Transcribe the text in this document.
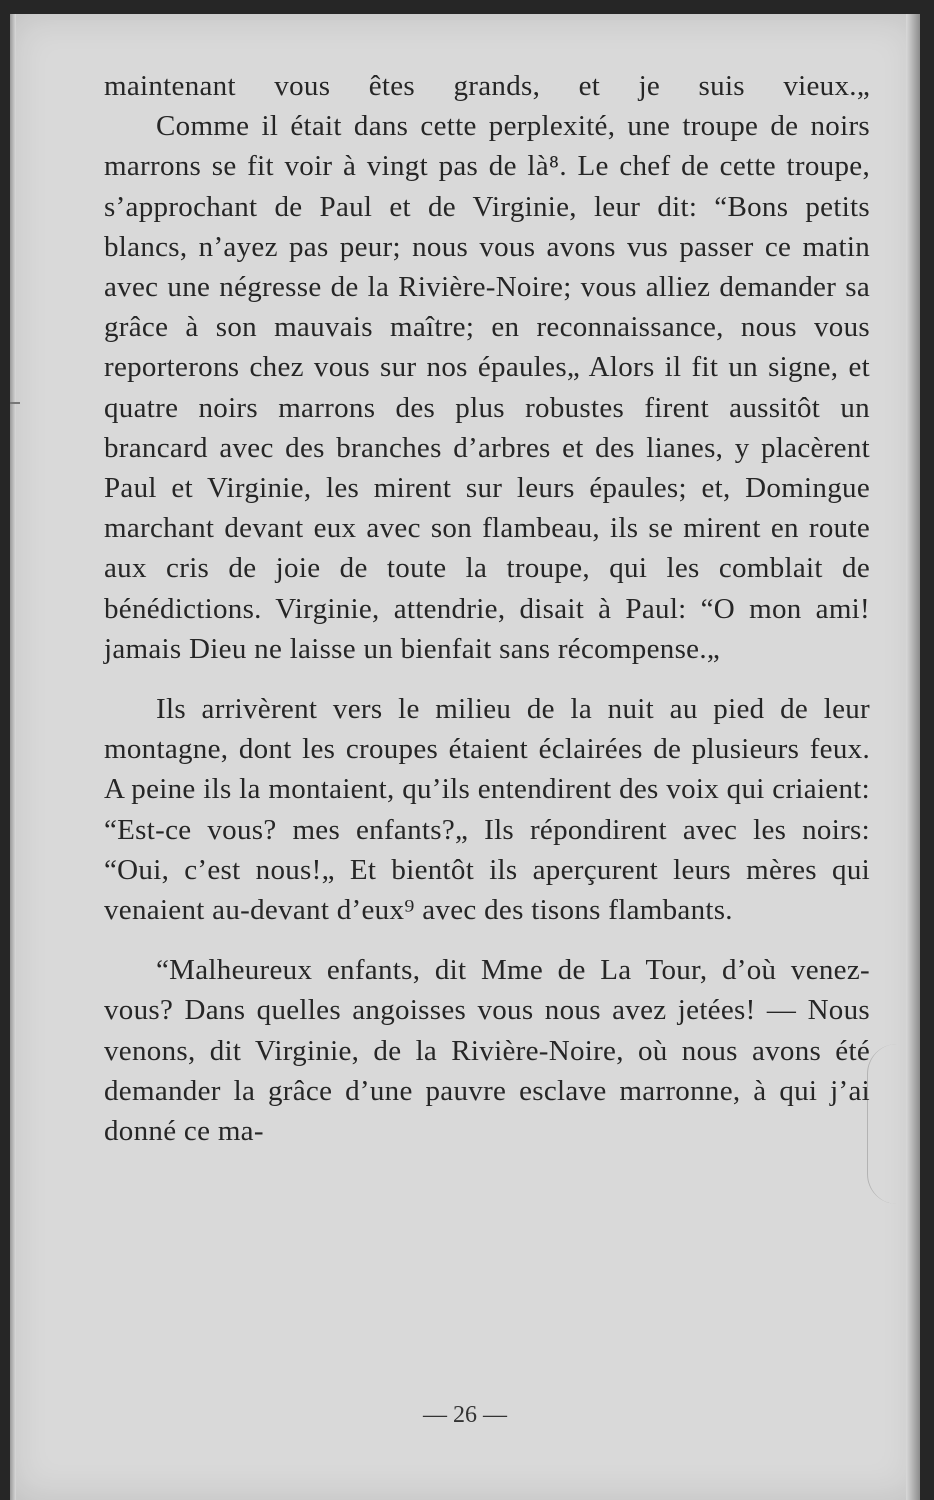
maintenant vous êtes grands, et je suis vieux.„

Comme il était dans cette perplexité, une troupe de noirs marrons se fit voir à vingt pas de là⁸. Le chef de cette troupe, s’approchant de Paul et de Virginie, leur dit: “Bons petits blancs, n’ayez pas peur; nous vous avons vus passer ce matin avec une négresse de la Rivière-Noire; vous alliez demander sa grâce à son mauvais maître; en reconnaissance, nous vous reporterons chez vous sur nos épaules„ Alors il fit un signe, et quatre noirs marrons des plus robustes firent aussitôt un brancard avec des branches d’arbres et des lianes, y placèrent Paul et Virginie, les mirent sur leurs épaules; et, Domingue marchant devant eux avec son flambeau, ils se mirent en route aux cris de joie de toute la troupe, qui les comblait de bénédictions. Virginie, attendrie, disait à Paul: “O mon ami! jamais Dieu ne laisse un bienfait sans récompense.„

Ils arrivèrent vers le milieu de la nuit au pied de leur montagne, dont les croupes étaient éclairées de plusieurs feux. A peine ils la montaient, qu’ils entendirent des voix qui criaient: “Est-ce vous? mes enfants?„ Ils répondirent avec les noirs: “Oui, c’est nous!„ Et bientôt ils aperçurent leurs mères qui venaient au-devant d’eux⁹ avec des tisons flambants.

“Malheureux enfants, dit Mme de La Tour, d’où venez-vous? Dans quelles angoisses vous nous avez jetées! — Nous venons, dit Virginie, de la Rivière-Noire, où nous avons été demander la grâce d’une pauvre esclave marronne, à qui j’ai donné ce ma-

— 26 —
